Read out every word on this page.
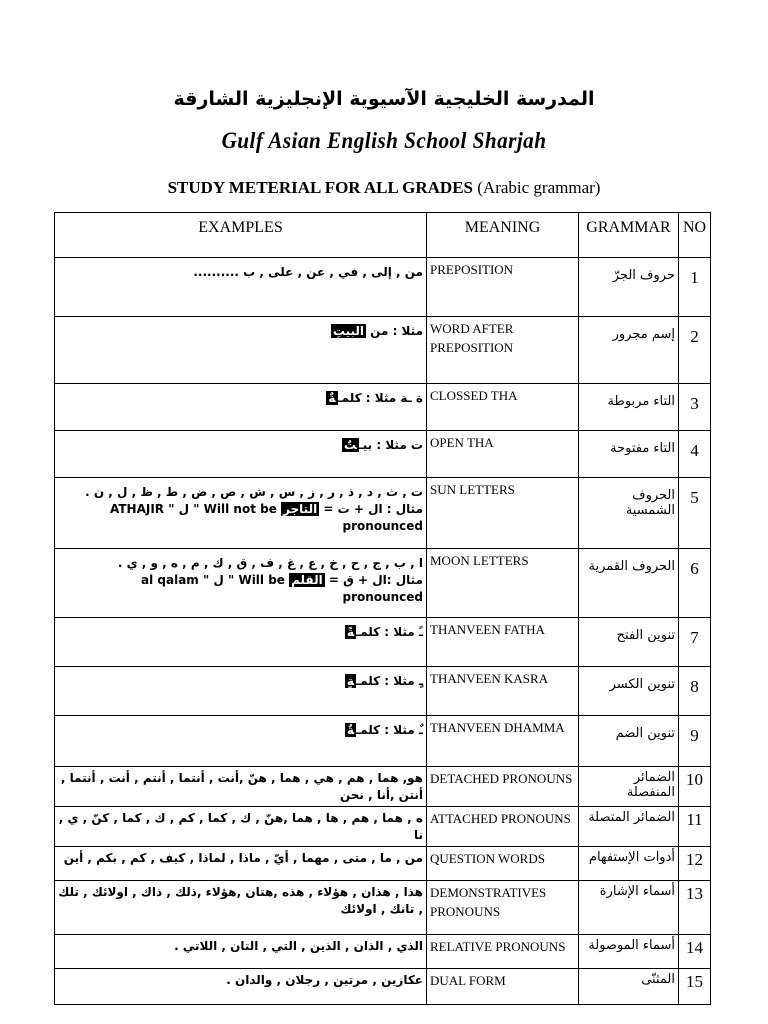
المدرسة الخليجية الآسيوية الإنجليزية الشارقة
Gulf Asian English School Sharjah
STUDY METERIAL FOR ALL GRADES (Arabic grammar)
EXAMPLES	MEANING	GRAMMAR	NO
من , إلى , في , عن , على , ب ..........	PREPOSITION	حروف الجرّ	1
مثلا : من البيتِ	WORD AFTER PREPOSITION	إسم مجرور	2
ة ـة مثلا : كلمـةٌ	CLOSSED THA	التاء مربوطة	3
ت مثلا : بيـتٌ	OPEN THA	التاء مفتوحة	4

ت , ث , د , ذ , ر , ز , س , ش , ص , ض , ط , ظ , ل , ن .
مثال : ال + ت = التاجر ATHAJIR " ل " Will not be pronounced	SUN LETTERS	الحروف الشمسية	5

ا , ب , ج , ح , خ , ع , غ , ف , ق , ك , م , ه , و , ي .
مثال :ال + ق = القلم al qalam " ل " Will be pronounced	MOON LETTERS	الحروف القمرية	6
ـً مثلا : كلمـةً	THANVEEN FATHA	تنوين الفتح	7
ـٍ مثلا : كلمـةٍ	THANVEEN KASRA	تنوين الكسر	8
ـٌ مثلا : كلمـةٌ	THANVEEN DHAMMA	تنوين الضم	9
هو, هما , هم , هي , هما , هنّ ,أنت , أنتما , أنتم , أنت , أنتما , أنتن ,أنا , نحن	DETACHED PRONOUNS	الضمائر المنفصلة	10
ه , هما , هم , ها , هما ,هنّ , ك , كما , كم , ك , كما , كنّ , ي , نا	ATTACHED PRONOUNS	الضمائر المتصلة	11
من , ما , متى , مهما , أيّ , ماذا , لماذا , كيف , كم , بكم , أين	QUESTION WORDS	أدوات الإستفهام	12
هذا , هذان , هؤلاء , هذه ,هتان ,هؤلاء ,ذلك , ذاك , اولائك , تلك , تانك , اولائك	DEMONSTRATIVES PRONOUNS	أسماء الإشارة	13
الذي , الذان , الذين , التي , التان , اللاتي .	RELATIVE PRONOUNS	أسماء الموصولة	14
عكازين , مرتين , رجلان , والدان .	DUAL FORM	المثنّى	15
